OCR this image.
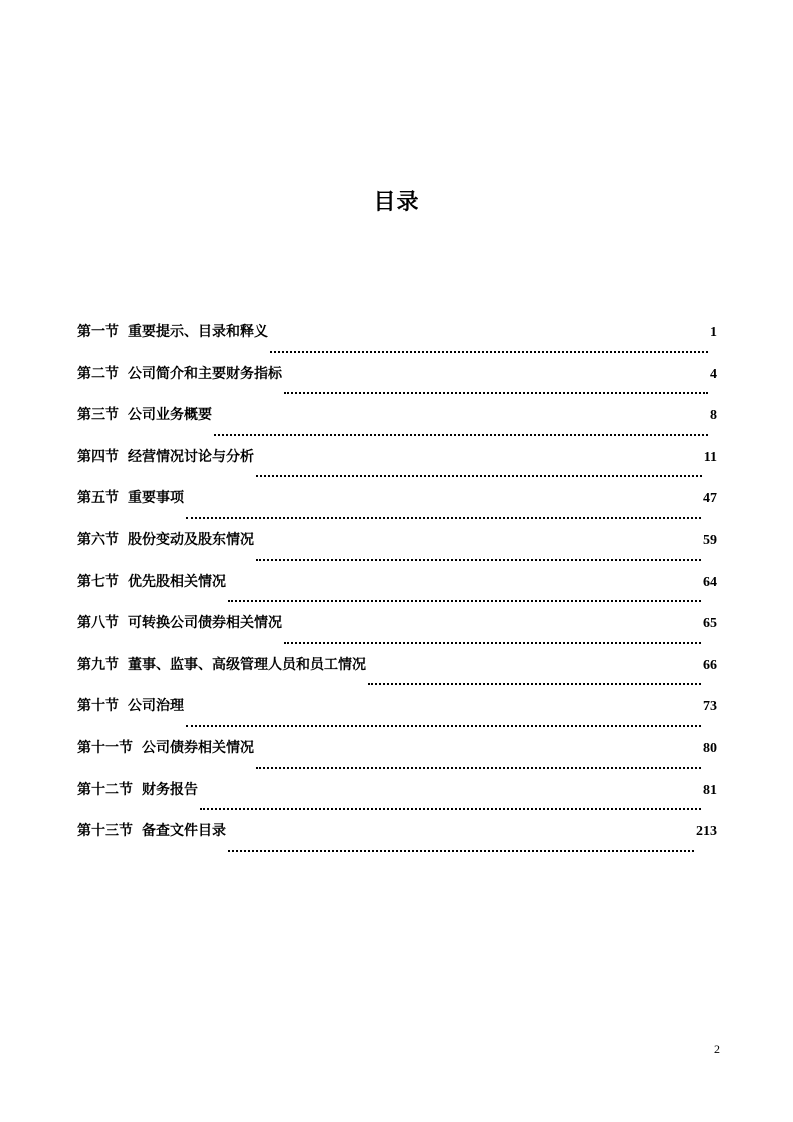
目录
第一节 重要提示、目录和释义	1
第二节 公司简介和主要财务指标	4
第三节 公司业务概要	8
第四节 经营情况讨论与分析	11
第五节 重要事项	47
第六节 股份变动及股东情况	59
第七节 优先股相关情况	64
第八节 可转换公司债券相关情况	65
第九节 董事、监事、高级管理人员和员工情况	66
第十节 公司治理	73
第十一节 公司债券相关情况	80
第十二节 财务报告	81
第十三节 备查文件目录	213
2
